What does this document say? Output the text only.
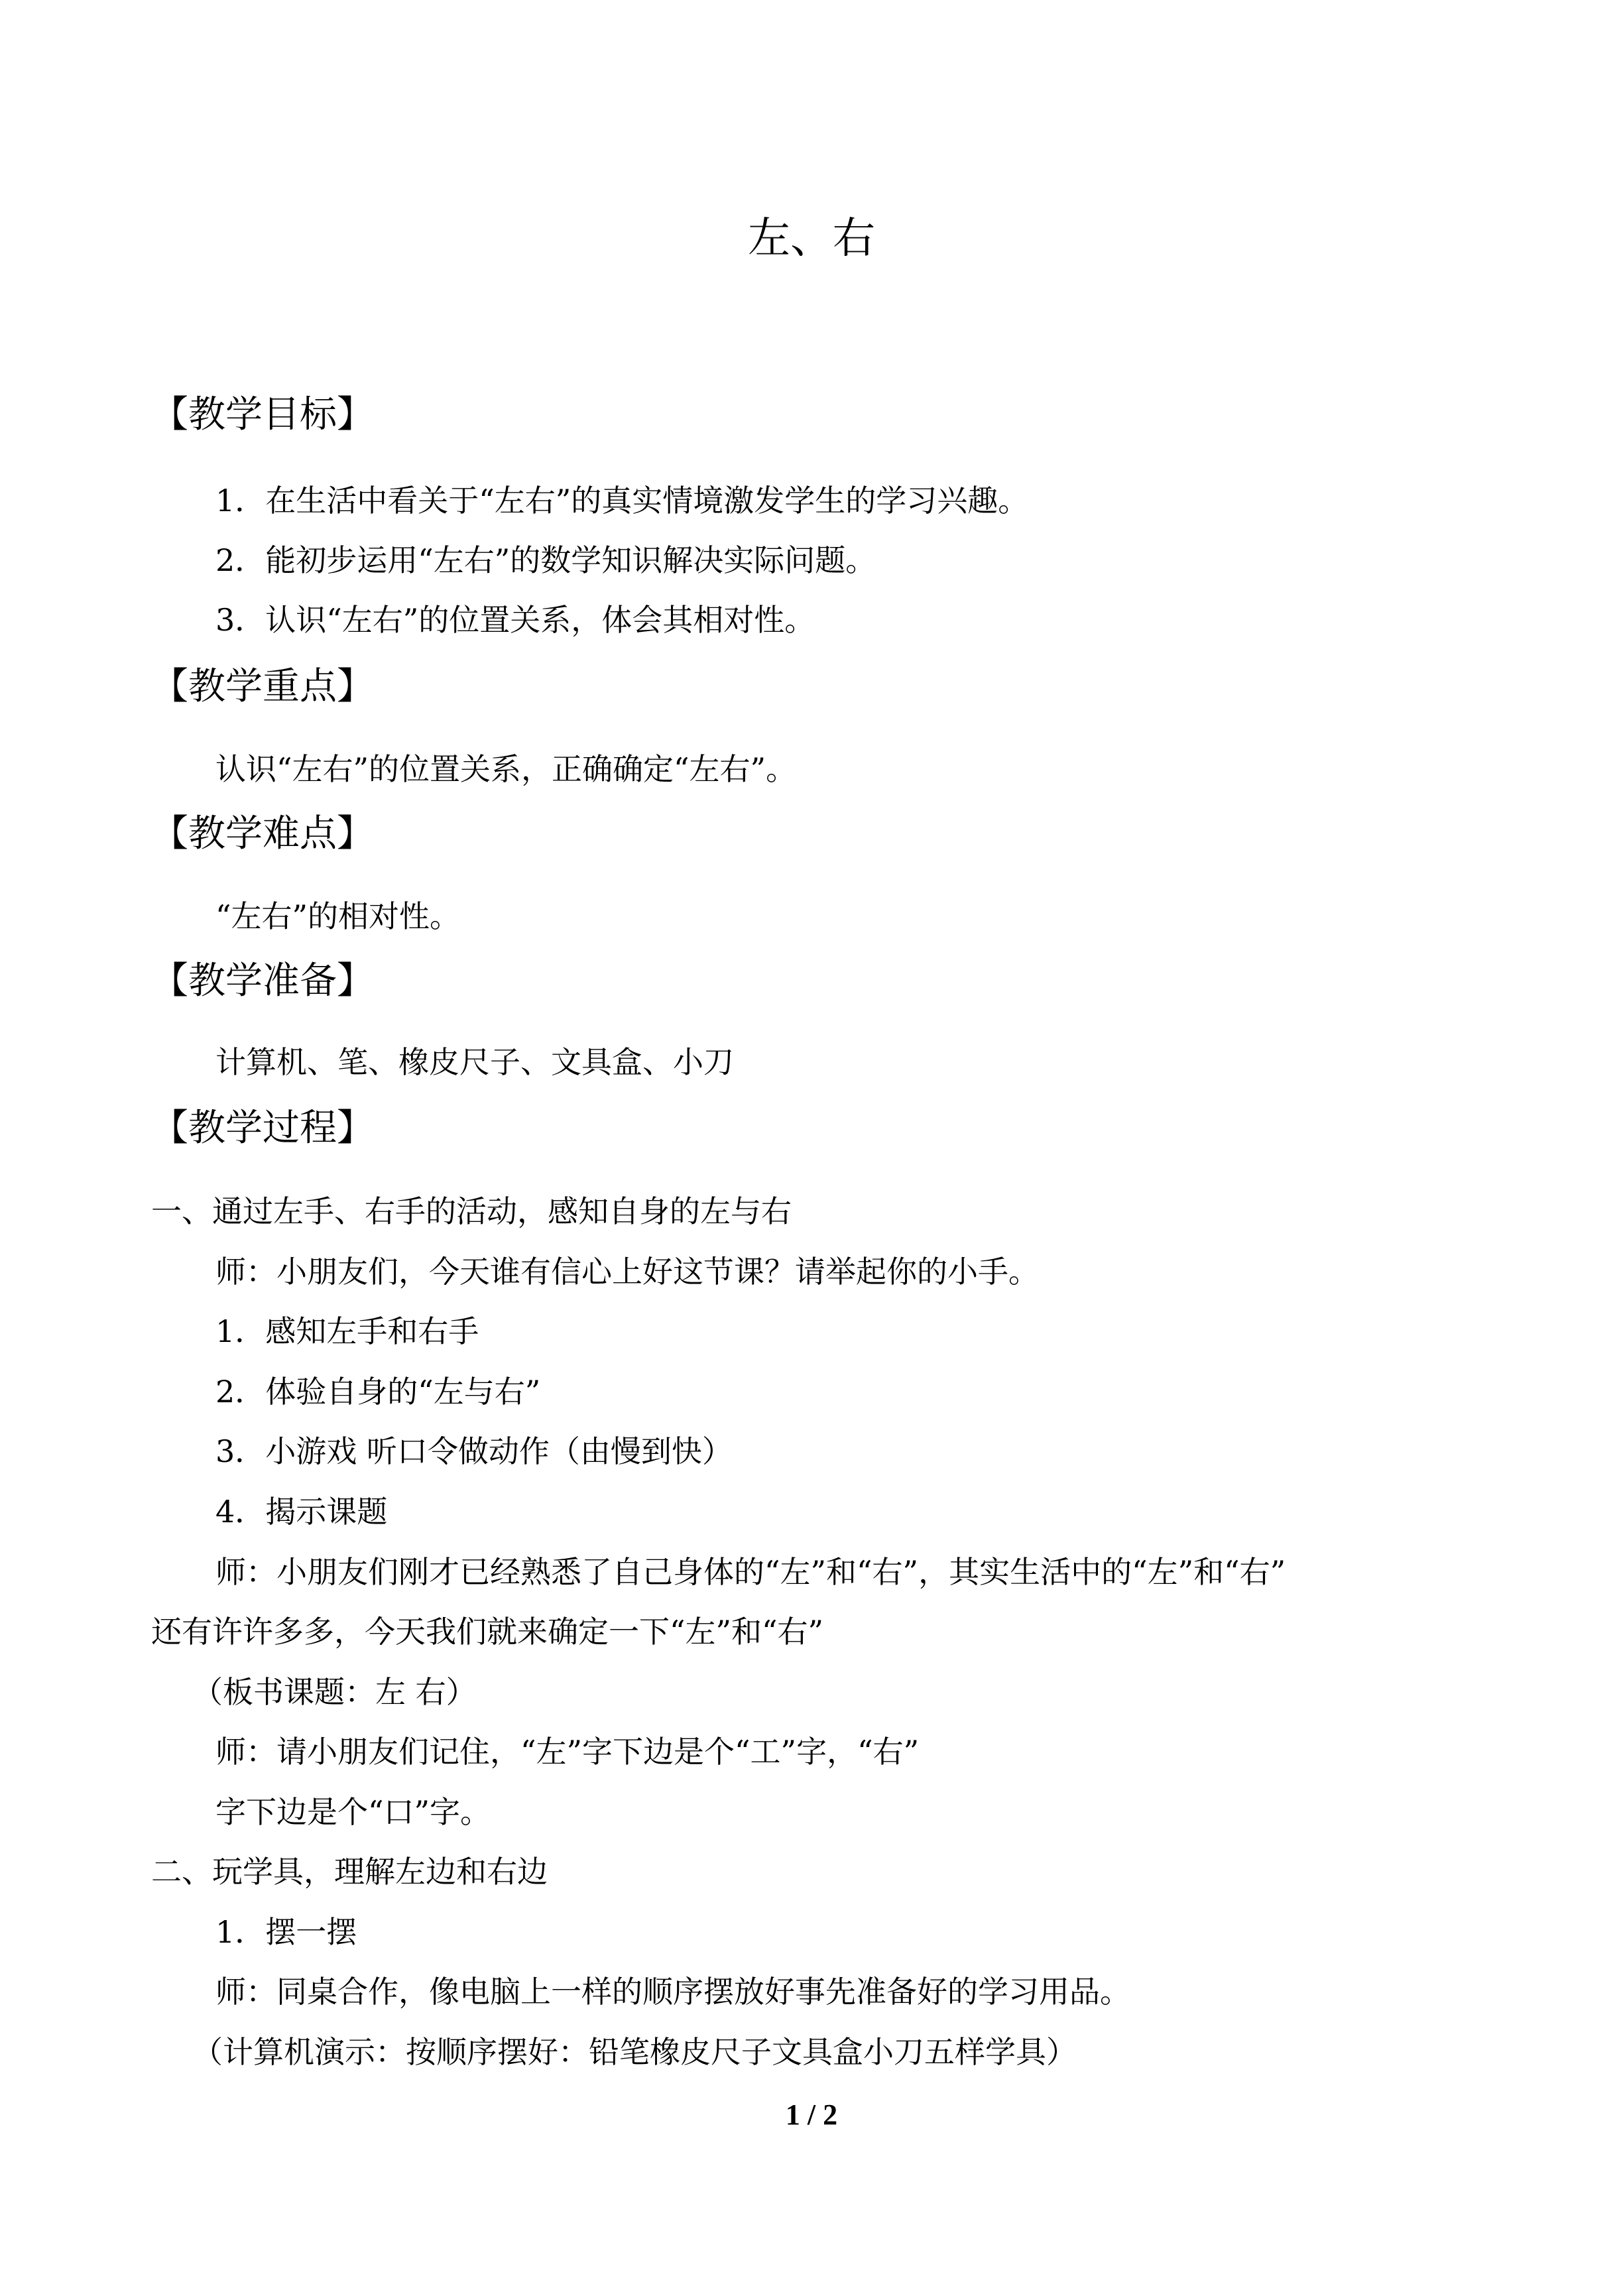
左、右
【教学目标】
1．在生活中看关于“左右”的真实情境激发学生的学习兴趣。
2．能初步运用“左右”的数学知识解决实际问题。
3．认识“左右”的位置关系，体会其相对性。
【教学重点】
认识“左右”的位置关系，正确确定“左右”。
【教学难点】
“左右”的相对性。
【教学准备】
计算机、笔、橡皮尺子、文具盒、小刀
【教学过程】
一、通过左手、右手的活动，感知自身的左与右
师：小朋友们，今天谁有信心上好这节课？请举起你的小手。
1．感知左手和右手
2．体验自身的“左与右”
3．小游戏 听口令做动作（由慢到快）
4．揭示课题
师：小朋友们刚才已经熟悉了自己身体的“左”和“右”，其实生活中的“左”和“右”
还有许许多多，今天我们就来确定一下“左”和“右”
（板书课题：左 右）
师：请小朋友们记住，“左”字下边是个“工”字，“右”
字下边是个“口”字。
二、玩学具，理解左边和右边
1．摆一摆
师：同桌合作，像电脑上一样的顺序摆放好事先准备好的学习用品。
（计算机演示：按顺序摆好：铅笔橡皮尺子文具盒小刀五样学具）
1 / 2
